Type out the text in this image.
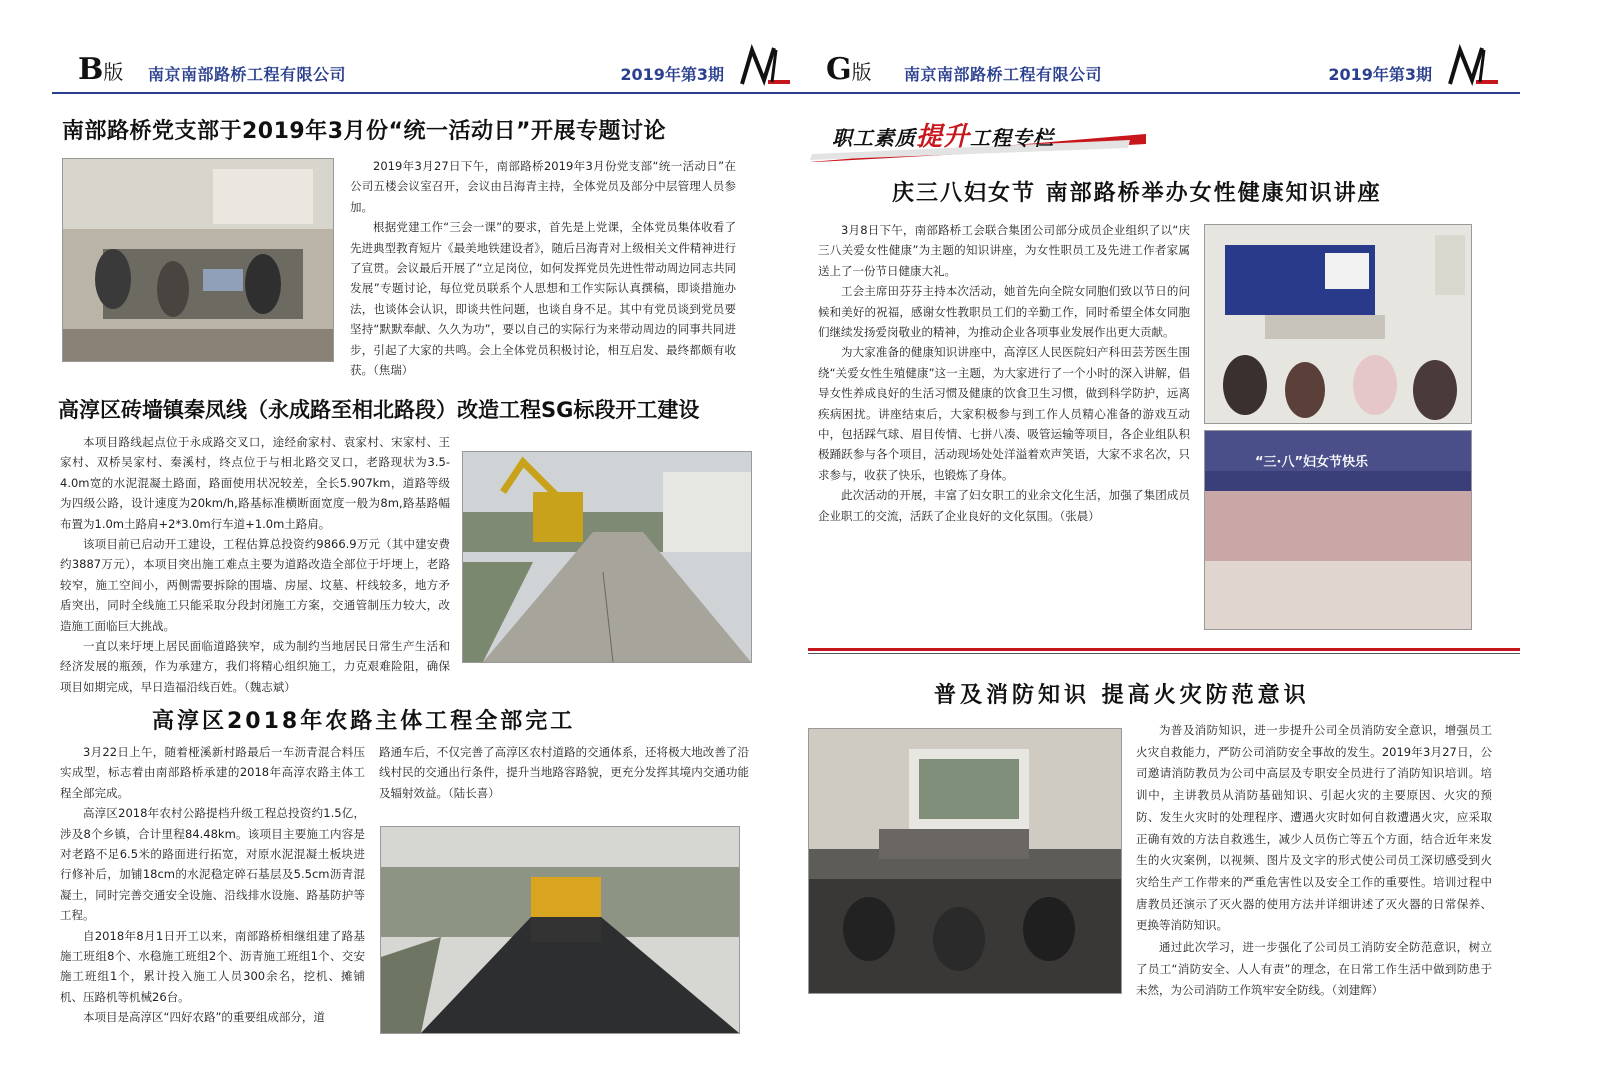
B版 南京南部路桥工程有限公司	2019年第3期
南部路桥党支部于2019年3月份“统一活动日”开展专题讨论

2019年3月27日下午，南部路桥2019年3月份党支部“统一活动日”在公司五楼会议室召开，会议由吕海青主持，全体党员及部分中层管理人员参加。

根据党建工作“三会一课”的要求，首先是上党课，全体党员集体收看了先进典型教育短片《最美地铁建设者》，随后吕海青对上级相关文件精神进行了宣贯。会议最后开展了“立足岗位，如何发挥党员先进性带动周边同志共同发展”专题讨论，每位党员联系个人思想和工作实际认真撰稿，即谈措施办法，也谈体会认识，即谈共性问题，也谈自身不足。其中有党员谈到党员要坚持“默默奉献、久久为功”，要以自己的实际行为来带动周边的同事共同进步，引起了大家的共鸣。会上全体党员积极讨论，相互启发、最终都颇有收获。（焦瑞）

高淳区砖墙镇秦凤线（永成路至相北路段）改造工程SG标段开工建设

本项目路线起点位于永成路交叉口，途经俞家村、袁家村、宋家村、王家村、双桥吴家村、秦溪村，终点位于与相北路交叉口，老路现状为3.5-4.0m宽的水泥混凝土路面，路面使用状况较差，全长5.907km，道路等级为四级公路，设计速度为20km/h,路基标准横断面宽度一般为8m,路基路幅布置为1.0m土路肩+2*3.0m行车道+1.0m土路肩。

该项目前已启动开工建设，工程估算总投资约9866.9万元（其中建安费约3887万元），本项目突出施工难点主要为道路改造全部位于圩埂上，老路较窄，施工空间小，两侧需要拆除的围墙、房屋、坟墓、杆线较多，地方矛盾突出，同时全线施工只能采取分段封闭施工方案，交通管制压力较大，改造施工面临巨大挑战。

一直以来圩埂上居民面临道路狭窄，成为制约当地居民日常生产生活和经济发展的瓶颈，作为承建方，我们将精心组织施工，力克艰难险阻，确保项目如期完成，早日造福沿线百姓。（魏志斌）

高淳区2018年农路主体工程全部完工

3月22日上午，随着桠溪新村路最后一车沥青混合料压实成型，标志着由南部路桥承建的2018年高淳农路主体工程全部完成。

高淳区2018年农村公路提档升级工程总投资约1.5亿，涉及8个乡镇，合计里程84.48km。该项目主要施工内容是对老路不足6.5米的路面进行拓宽，对原水泥混凝土板块进行修补后，加铺18cm的水泥稳定碎石基层及5.5cm沥青混凝土，同时完善交通安全设施、沿线排水设施、路基防护等工程。

自2018年8月1日开工以来，南部路桥相继组建了路基施工班组8个、水稳施工班组2个、沥青施工班组1个、交安施工班组1个，累计投入施工人员300余名，挖机、摊铺机、压路机等机械26台。

本项目是高淳区“四好农路”的重要组成部分，道

路通车后，不仅完善了高淳区农村道路的交通体系，还将极大地改善了沿线村民的交通出行条件，提升当地路容路貌，更充分发挥其境内交通功能及辐射效益。（陆长喜）

G版 南京南部路桥工程有限公司	2019年第3期
职工素质提升工程专栏
庆三八妇女节 南部路桥举办女性健康知识讲座

3月8日下午，南部路桥工会联合集团公司部分成员企业组织了以“庆三八关爱女性健康”为主题的知识讲座，为女性职员工及先进工作者家属送上了一份节日健康大礼。

工会主席田芬芬主持本次活动，她首先向全院女同胞们致以节日的问候和美好的祝福，感谢女性教职员工们的辛勤工作，同时希望全体女同胞们继续发扬爱岗敬业的精神，为推动企业各项事业发展作出更大贡献。

为大家准备的健康知识讲座中，高淳区人民医院妇产科田芸芳医生围绕“关爱女性生殖健康”这一主题，为大家进行了一个小时的深入讲解，倡导女性养成良好的生活习惯及健康的饮食卫生习惯，做到科学防护，远离疾病困扰。讲座结束后，大家积极参与到工作人员精心准备的游戏互动中，包括踩气球、眉目传情、七拼八凑、吸管运输等项目，各企业组队积极踊跃参与各个项目，活动现场处处洋溢着欢声笑语，大家不求名次，只求参与，收获了快乐，也锻炼了身体。

此次活动的开展，丰富了妇女职工的业余文化生活，加强了集团成员企业职工的交流，活跃了企业良好的文化氛围。（张晨）

“三·八”妇女节快乐
普及消防知识 提高火灾防范意识

为普及消防知识，进一步提升公司全员消防安全意识，增强员工火灾自救能力，严防公司消防安全事故的发生。2019年3月27日，公司邀请消防教员为公司中高层及专职安全员进行了消防知识培训。培训中，主讲教员从消防基础知识、引起火灾的主要原因、火灾的预防、发生火灾时的处理程序、遭遇火灾时如何自救遭遇火灾，应采取正确有效的方法自救逃生，减少人员伤亡等五个方面，结合近年来发生的火灾案例，以视频、图片及文字的形式使公司员工深切感受到火灾给生产工作带来的严重危害性以及安全工作的重要性。培训过程中唐教员还演示了灭火器的使用方法并详细讲述了灭火器的日常保养、更换等消防知识。

通过此次学习，进一步强化了公司员工消防安全防范意识，树立了员工“消防安全、人人有责”的理念，在日常工作生活中做到防患于未然，为公司消防工作筑牢安全防线。（刘建辉）
